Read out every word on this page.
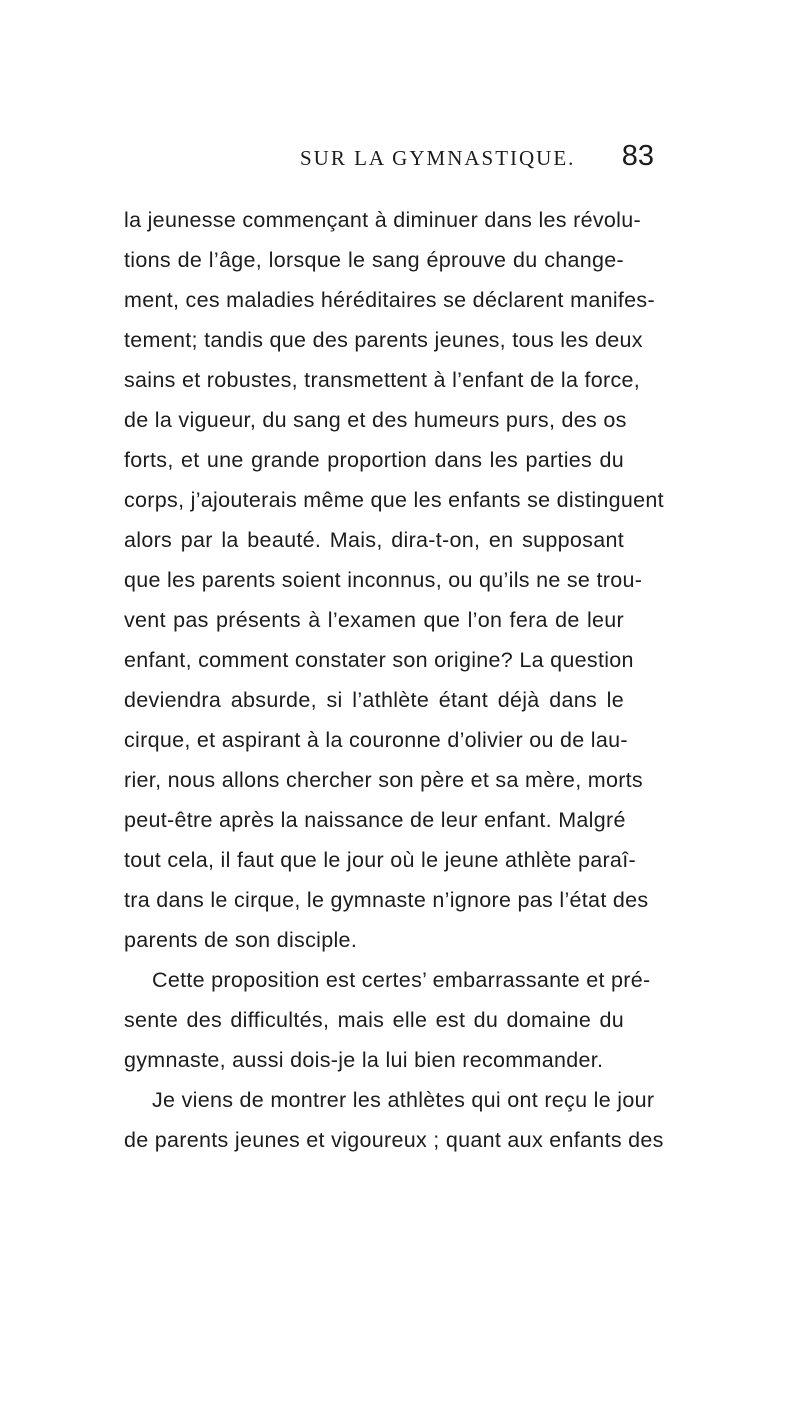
SUR LA GYMNASTIQUE. 83
la jeunesse commençant à diminuer dans les révolu-
tions de l’âge, lorsque le sang éprouve du change-
ment, ces maladies héréditaires se déclarent manifes-
tement; tandis que des parents jeunes, tous les deux
sains et robustes, transmettent à l’enfant de la force,
de la vigueur, du sang et des humeurs purs, des os
forts, et une grande proportion dans les parties du
corps, j’ajouterais même que les enfants se distinguent
alors par la beauté. Mais, dira-t-on, en supposant
que les parents soient inconnus, ou qu’ils ne se trou-
vent pas présents à l’examen que l’on fera de leur
enfant, comment constater son origine? La question
deviendra absurde, si l’athlète étant déjà dans le
cirque, et aspirant à la couronne d’olivier ou de lau-
rier, nous allons chercher son père et sa mère, morts
peut-être après la naissance de leur enfant. Malgré
tout cela, il faut que le jour où le jeune athlète paraî-
tra dans le cirque, le gymnaste n’ignore pas l’état des
parents de son disciple.
Cette proposition est certes’ embarrassante et pré-
sente des difficultés, mais elle est du domaine du
gymnaste, aussi dois-je la lui bien recommander.
Je viens de montrer les athlètes qui ont reçu le jour
de parents jeunes et vigoureux ; quant aux enfants des
